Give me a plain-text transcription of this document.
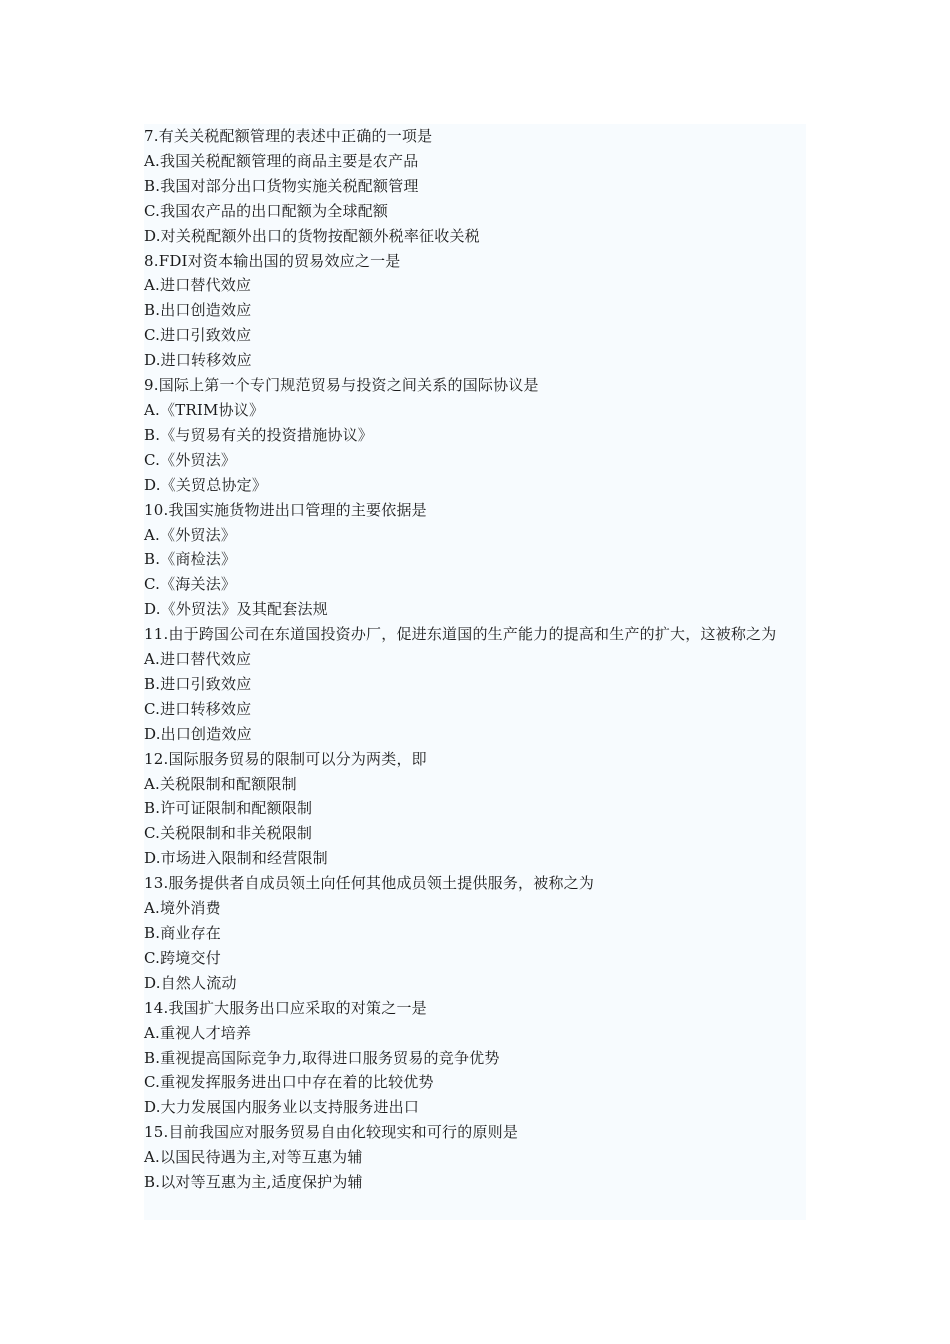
7.有关关税配额管理的表述中正确的一项是
A.我国关税配额管理的商品主要是农产品
B.我国对部分出口货物实施关税配额管理
C.我国农产品的出口配额为全球配额
D.对关税配额外出口的货物按配额外税率征收关税
8.FDI对资本输出国的贸易效应之一是
A.进口替代效应
B.出口创造效应
C.进口引致效应
D.进口转移效应
9.国际上第一个专门规范贸易与投资之间关系的国际协议是
A.《TRIM协议》
B.《与贸易有关的投资措施协议》
C.《外贸法》
D.《关贸总协定》
10.我国实施货物进出口管理的主要依据是
A.《外贸法》
B.《商检法》
C.《海关法》
D.《外贸法》及其配套法规
11.由于跨国公司在东道国投资办厂，促进东道国的生产能力的提高和生产的扩大，这被称之为
A.进口替代效应
B.进口引致效应
C.进口转移效应
D.出口创造效应
12.国际服务贸易的限制可以分为两类，即
A.关税限制和配额限制
B.许可证限制和配额限制
C.关税限制和非关税限制
D.市场进入限制和经营限制
13.服务提供者自成员领土向任何其他成员领土提供服务，被称之为
A.境外消费
B.商业存在
C.跨境交付
D.自然人流动
14.我国扩大服务出口应采取的对策之一是
A.重视人才培养
B.重视提高国际竞争力,取得进口服务贸易的竞争优势
C.重视发挥服务进出口中存在着的比较优势
D.大力发展国内服务业以支持服务进出口
15.目前我国应对服务贸易自由化较现实和可行的原则是
A.以国民待遇为主,对等互惠为辅
B.以对等互惠为主,适度保护为辅
